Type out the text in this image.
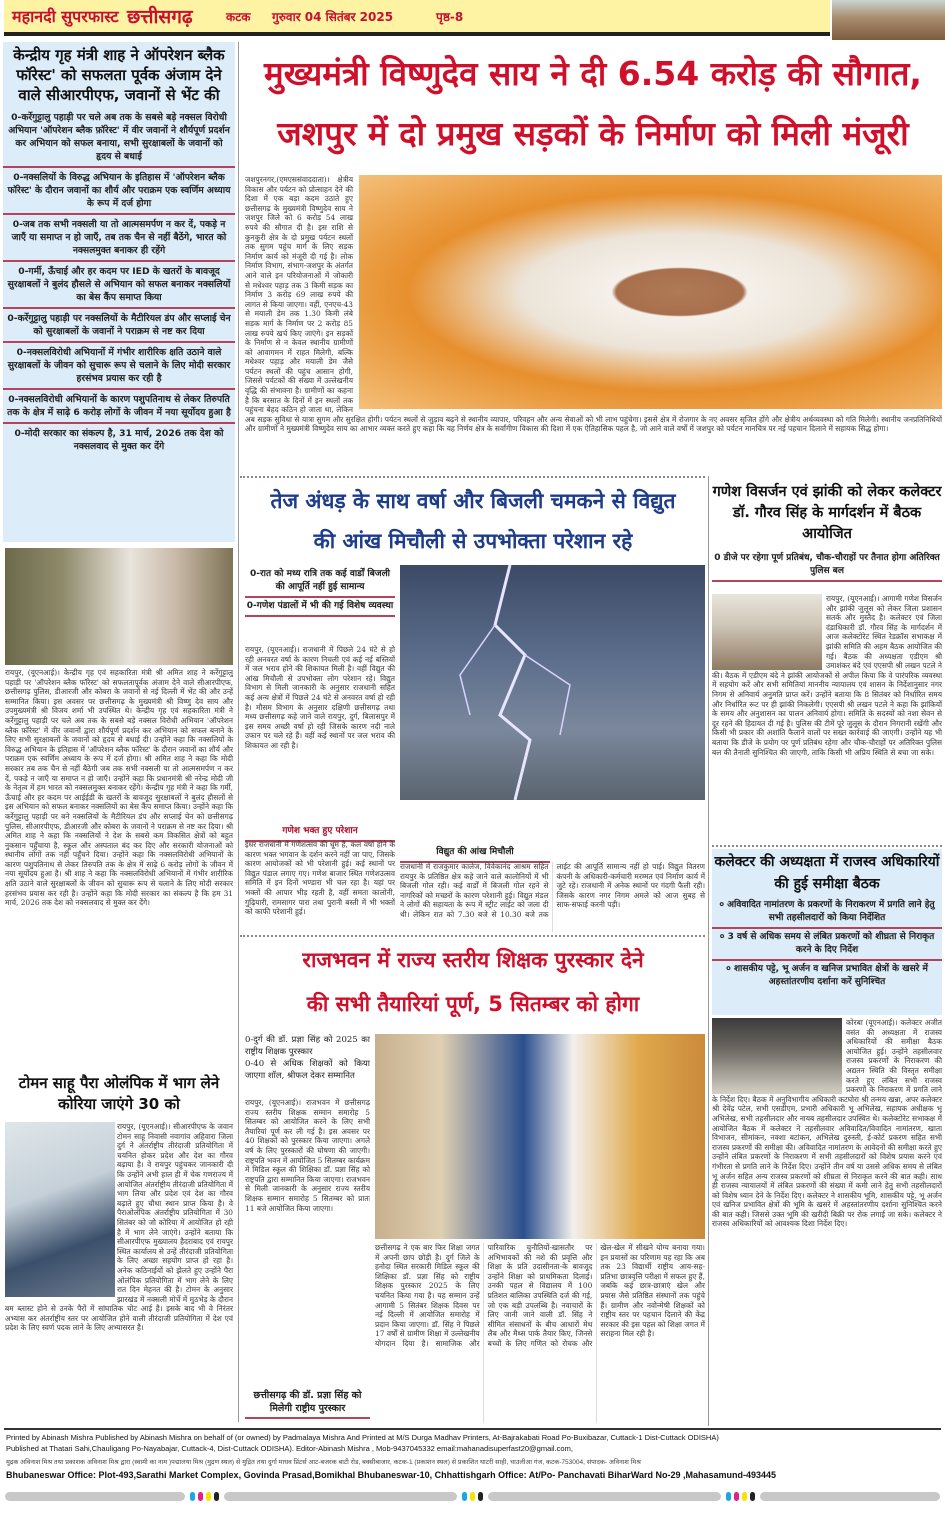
महानदी सुपरफास्ट छत्तीसगढ़	कटक गुरुवार 04 सितंबर 2025	पृष्ठ-8
केन्द्रीय गृह मंत्री शाह ने ऑपरेशन ब्लैक फॉरेस्ट' को सफलता पूर्वक अंजाम देने वाले सीआरपीएफ, जवानों से भेंट की
0-कर्रेगुट्टालु पहाड़ी पर चले अब तक के सबसे बड़े नक्सल विरोधी अभियान 'ऑपरेशन ब्लैक फ़ॉरेस्ट' में वीर जवानों ने शौर्यपूर्ण प्रदर्शन कर अभियान को सफल बनाया, सभी सुरक्षाबलों के जवानों को हृदय से बधाई
0-नक्सलियों के विरुद्ध अभियान के इतिहास में 'ऑपरेशन ब्लैक फॉरेस्ट' के दौरान जवानों का शौर्य और पराक्रम एक स्वर्णिम अध्याय के रूप में दर्ज होगा
0-जब तक सभी नक्सली या तो आत्मसमर्पण न कर दें, पकड़े न जाएँ या समाप्त न हो जाएँ, तब तक चैन से नहीं बैठेंगे, भारत को नक्सलमुक्त बनाकर ही रहेंगे
0-गर्मी, ऊँचाई और हर कदम पर IED के खतरों के बावजूद सुरक्षाबलों ने बुलंद हौसले से अभियान को सफल बनाकर नक्सलियों का बेस कैंप समाप्त किया
0-कर्रेगुट्टालु पहाड़ी पर नक्सलियों के मैटीरियल डंप और सप्लाई चेन को सुरक्षाबलों के जवानों ने पराक्रम से नष्ट कर दिया
0-नक्सलविरोधी अभियानों में गंभीर शारीरिक क्षति उठाने वाले सुरक्षाबलों के जीवन को सुचारू रूप से चलाने के लिए मोदी सरकार हरसंभव प्रयास कर रही है
0-नक्सलविरोधी अभियानों के कारण पशुपतिनाथ से लेकर तिरुपति तक के क्षेत्र में साढ़े 6 करोड़ लोगों के जीवन में नया सूर्योदय हुआ है
0-मोदी सरकार का संकल्प है, 31 मार्च, 2026 तक देश को नक्सलवाद से मुक्त कर देंगे
रायपुर, (यूएनआई)। केन्द्रीय गृह एवं सहकारिता मंत्री श्री अमित शाह ने कर्रेगुट्टालु पहाड़ी पर 'ऑपरेशन ब्लैक फॉरेस्ट' को सफलतापूर्वक अंजाम देने वाले सीआरपीएफ, छत्तीसगढ़ पुलिस, डीआरजी और कोबरा के जवानों से नई दिल्ली में भेंट की और उन्हें सम्मानित किया। इस अवसर पर छत्तीसगढ़ के मुख्यमंत्री श्री विष्णु देव साय और उपमुख्यमंत्री श्री विजय शर्मा भी उपस्थित थे। केन्द्रीय गृह एवं सहकारिता मंत्री ने कर्रेगुट्टालु पहाड़ी पर चले अब तक के सबसे बड़े नक्सल विरोधी अभियान 'ऑपरेशन ब्लैक फ़ॉरेस्ट' में वीर जवानों द्वारा शौर्यपूर्ण प्रदर्शन कर अभियान को सफल बनाने के लिए सभी सुरक्षाबलों के जवानों को हृदय से बधाई दी। उन्होंने कहा कि नक्सलियों के विरुद्ध अभियान के इतिहास में 'ऑपरेशन ब्लैक फॉरेस्ट' के दौरान जवानों का शौर्य और पराक्रम एक स्वर्णिम अध्याय के रूप में दर्ज होगा। श्री अमित शाह ने कहा कि मोदी सरकार तब तक चैन से नहीं बैठेगी जब तक सभी नक्सली या तो आत्मसमर्पण न कर दें, पकड़े न जाएँ या समाप्त न हो जाएँ। उन्होंने कहा कि प्रधानमंत्री श्री नरेन्द्र मोदी जी के नेतृत्व में हम भारत को नक्सलमुक्त बनाकर रहेंगे। केन्द्रीय गृह मंत्री ने कहा कि गर्मी, ऊँचाई और हर कदम पर आईईडी के खतरों के बावजूद सुरक्षाबलों ने बुलंद हौसलों से इस अभियान को सफल बनाकर नक्सलियों का बेस कैंप समाप्त किया। उन्होंने कहा कि कर्रेगुट्टालु पहाड़ी पर बने नक्सलियों के मैटीरियल डंप और सप्लाई चेन को छत्तीसगढ़ पुलिस, सीआरपीएफ, डीआरजी और कोबरा के जवानों ने पराक्रम से नष्ट कर दिया। श्री अमित शाह ने कहा कि नक्सलियों ने देश के सबसे कम विकसित क्षेत्रों को बहुत नुकसान पहुँचाया है, स्कूल और अस्पताल बंद कर दिए और सरकारी योजनाओं को स्थानीय लोगों तक नहीं पहुँचने दिया। उन्होंने कहा कि नक्सलविरोधी अभियानों के कारण पशुपतिनाथ से लेकर तिरुपति तक के क्षेत्र में साढ़े 6 करोड़ लोगों के जीवन में नया सूर्योदय हुआ है। श्री शाह ने कहा कि नक्सलविरोधी अभियानों में गंभीर शारीरिक क्षति उठाने वाले सुरक्षाबलों के जीवन को सुचारू रूप से चलाने के लिए मोदी सरकार हरसंभव प्रयास कर रही है। उन्होंने कहा कि मोदी सरकार का संकल्प है कि हम 31 मार्च, 2026 तक देश को नक्सलवाद से मुक्त कर देंगे।
टोमन साहू पैरा ओलंपिक में भाग लेने कोरिया जाएंगे 30 को
रायपुर, (यूएनआई)। सीआरपीएफ के जवान टोमन साहू निवासी नवागांव अहिवारा जिला दुर्ग ने अंतर्राष्ट्रीय तीरंदाजी प्रतियोगिता में चयनित होकर प्रदेश और देश का गौरव बढ़ाया है। वे रायपुर पहुंचकर जानकारी दी कि उन्होंने अभी हाल ही में चेक गणराज्य में आयोजित अंतर्राष्ट्रीय तीरंदाजी प्रतियोगिता में भाग लिया और प्रदेश एवं देश का गौरव बढ़ाते हुए चौथा स्थान प्राप्त किया है। वे पैराओलंपिक अंतर्राष्ट्रीय प्रतियोगिता में 30 सितंबर को जो कोरिया में आयोजित हो रही है में भाग लेने जाएंगे। उन्होंने बताया कि सीआरपीएफ मुख्यालय हैदराबाद एवं रायपुर स्थित कार्यालय से उन्हें तीरंदाजी प्रतियोगिता के लिए अच्छा सहयोग प्राप्त हो रहा है। अनेक कठिनाईयों को झेलते हुए उन्होंने पैरा ओलंपिक प्रतियोगिता में भाग लेने के लिए रात दिन मेहनत की है। टोमन के अनुसार झारखंड में नक्सली मोर्चे में मुठभेड़ के दौरान बम ब्लास्ट होने से उनके पैरों में सांघातिक चोट आई है। इसके बाद भी वे निरंतर अभ्यास कर अंतर्राष्ट्रीय स्तर पर आयोजित होने वाली तीरंदाजी प्रतियोगिता में देश एवं प्रदेश के लिए स्वर्ण पदक लाने के लिए अभ्यासरत है।
मुख्यमंत्री विष्णुदेव साय ने दी 6.54 करोड़ की सौगात,
जशपुर में दो प्रमुख सड़कों के निर्माण को मिली मंजूरी
जशपुरनगर,(एमएससंवाददाता)। क्षेत्रीय विकास और पर्यटन को प्रोत्साहन देने की दिशा में एक बड़ा कदम उठाते हुए छत्तीसगढ़ के मुख्यमंत्री विष्णुदेव साय ने जशपुर जिले को 6 करोड़ 54 लाख रुपये की सौगात दी है। इस राशि से कुनकुरी क्षेत्र के दो प्रमुख पर्यटन स्थलों तक सुगम पहुंच मार्ग के लिए सड़क निर्माण कार्य को मंजूरी दी गई है। लोक निर्माण विभाग, संभाग-जशपुर के अंतर्गत आने वाले इन परियोजनाओं में जोकारी से मधेश्वर पहाड़ तक 3 किमी सड़क का निर्माण 3 करोड़ 69 लाख रुपये की लागत से किया जाएगा। वहीं, एनएच-43 से मयाली डेम तक 1.30 किमी लंबे सड़क मार्ग के निर्माण पर 2 करोड़ 85 लाख रुपये खर्च किए जाएंगे। इन सड़कों के निर्माण से न केवल स्थानीय ग्रामीणों को आवागमन में राहत मिलेगी, बल्कि मधेश्वर पहाड़ और मयाली डेम जैसे पर्यटन स्थलों की पहुंच आसान होगी, जिससे पर्यटकों की संख्या में उल्लेखनीय वृद्धि की संभावना है। ग्रामीणों का कहना है कि बरसात के दिनों में इन स्थलों तक पहुंचना बेहद कठिन हो जाता था, लेकिन अब सड़क सुविधा से यात्रा सुगम और सुरक्षित होगी। पर्यटन स्थलों से जुड़ाव बढ़ने से स्थानीय व्यापार, परिवहन और अन्य सेवाओं को भी लाभ पहुंचेगा। इससे क्षेत्र में रोजगार के नए अवसर सृजित होंगे और क्षेत्रीय अर्थव्यवस्था को गति मिलेगी। स्थानीय जनप्रतिनिधियों और ग्रामीणों ने मुख्यमंत्री विष्णुदेव साय का आभार व्यक्त करते हुए कहा कि यह निर्णय क्षेत्र के सर्वांगीण विकास की दिशा में एक ऐतिहासिक पहल है, जो आने वाले वर्षों में जशपुर को पर्यटन मानचित्र पर नई पहचान दिलाने में सहायक सिद्ध होगा।
तेज अंधड़ के साथ वर्षा और बिजली चमकने से विद्युत
की आंख मिचौली से उपभोक्ता परेशान रहे
0-रात को मध्य रात्रि तक कई वार्डों बिजली की आपूर्ति नहीं हुई सामान्य
0-गणेश पंडालों में भी की गई विशेष व्यवस्था
रायपुर, (यूएनआई)। राजधानी में पिछले 24 घंटे से हो रही अनवरत वर्षा के कारण निचली एवं कई नई बस्तियों में जल भराव होने की शिकायत मिली है। वहीं विद्युत की आंख मिचौली से उपभोक्ता लोग परेशान रहे। विद्युत विभाग से मिली जानकारी के अनुसार राजधानी सहित कई अन्य क्षेत्रों में पिछले 24 घंटे से अनवरत वर्षा हो रही है। मौसम विभाग के अनुसार दक्षिणी छत्तीसगढ़ तथा मध्य छत्तीसगढ़ कहे जाने वाले रायपुर, दुर्ग, बिलासपुर में इस समय अच्छी वर्षा हो रही जिसके कारण नदी नाले उफान पर चले रहे हैं। वहीं कई स्थानों पर जल भराव की शिकायत आ रही है।
गणेश भक्त हुए परेशान
इधर राजधानी में गणेशत्सव की धूम है, कल वर्षा होने के कारण भक्त भगवान के दर्शन करने नहीं जा पाए, जिसके कारण आयोजकों को भी परेशानी हुई। कई स्थानों पर विद्युत पंडाल लगाए गए। गणेश बाजार स्थित गणेशउत्सव समिति में इन दिनों भण्डारा भी चल रहा है। यहां पर भक्तों की आपार भीड़ रहती है, वहीं समता कालोनी, गुढ़ियारी, रामसागर पारा तथा पुरानी बस्ती में भी भक्तों को काफी परेशानी हुई।
विद्युत की आंख मिचौली
राजधानी में राजकुमार कालेज, विवेकानंद आश्रम सहित रायपुर के प्रतिष्ठित क्षेत्र कहे जाने वाले कालोनियों में भी बिजली गोल रही। कई वार्डों में बिजली गोल रहने से नागरिकों को मच्छरों के कारण परेशानी हुई। विद्युत मंडल ने लोगों की सहायता के रूप में स्ट्रीट लाईट को जला दी थी। लेकिन रात को 7.30 बजे से 10.30 बजे तक लाईट की आपूर्ति सामान्य नहीं हो पाई। विद्युत वितरण कंपनी के अधिकारी-कर्मचारी मरम्मत एवं निर्माण कार्य में जुटे रहे। राजधानी में अनेक स्थानों पर गंदगी फैली रही। जिसके कारण नगर निगम अमले को आज सुबह से साफ-सफाई करनी पड़ी।
गणेश विसर्जन एवं झांकी को लेकर कलेक्टर डॉ. गौरव सिंह के मार्गदर्शन में बैठक आयोजित
0 डीजे पर रहेगा पूर्ण प्रतिबंध, चौक-चौराहों पर तैनात होगा अतिरिक्त पुलिस बल
रायपुर, (यूएनआई)। आगामी गणेश विसर्जन और झांकी जुलूस को लेकर जिला प्रशासन सतर्क और मुस्तैद है। कलेक्टर एवं जिला दंडाधिकारी डॉ. गौरव सिंह के मार्गदर्शन में आज कलेक्टोरेट स्थित रेडक्रॉस सभाकक्ष में झांकी समिति की अहम बैठक आयोजित की गई। बैठक की अध्यक्षता एडीएम श्री उमाशंकर बंदे एवं एएसपी श्री लखन पटले ने की। बैठक में एडीएम बंदे ने झांकी आयोजकों से अपील किया कि वे पारंपरिक व्यवस्था में सहयोग करें और सभी समितियां माननीय न्यायालय एवं शासन के निर्देशानुसार नगर निगम से अनिवार्य अनुमति प्राप्त करें। उन्होंने बताया कि 8 सितंबर को निर्धारित समय और निर्धारित रूट पर ही झांकी निकलेगी। एएसपी श्री लखन पटले ने कहा कि झांकियों के समय और अनुशासन का पालन अनिवार्य होगा। समिति के सदस्यों को नशा सेवन से दूर रहने की हिदायत दी गई है। पुलिस की टीमें पूरे जुलूस के दौरान निगरानी रखेंगी और किसी भी प्रकार की अशांति फैलाने वालों पर सख्त कार्रवाई की जाएगी। उन्होंने यह भी बताया कि डीजे के प्रयोग पर पूर्ण प्रतिबंध रहेगा और चौक-चौराहों पर अतिरिक्त पुलिस बल की तैनाती सुनिश्चित की जाएगी, ताकि किसी भी अप्रिय स्थिति से बचा जा सके।
कलेक्टर की अध्यक्षता में राजस्व अधिकारियों की हुई समीक्षा बैठक
० अविवादित नामांतरण के प्रकरणों के निराकरण में प्रगति लाने हेतु सभी तहसीलदारों को किया निर्देशित
० 3 वर्ष से अधिक समय से लंबित प्रकरणों को शीघ्रता से निराकृत करने के दिए निर्देश
० शासकीय पट्टे, भू अर्जन व खनिज प्रभावित क्षेत्रों के खसरे में अहस्तांतरणीय दर्शाना करें सुनिश्चित
कोरबा (यूएनआई)। कलेक्टर अजीत वसंत की अध्यक्षता में राजस्व अधिकारियों की समीक्षा बैठक आयोजित हुई। उन्होंने तहसीलवार राजस्व प्रकरणों के निराकरण की अद्यतन स्थिति की विस्तृत समीक्षा करते हुए लंबित सभी राजस्व प्रकरणों के निराकरण में प्रगति लाने के निर्देश दिए। बैठक में अनुविभागीय अधिकारी कटघोरा श्री तन्मय खन्ना, अपर कलेक्टर श्री देवेंद्र पटेल, सभी एसडीएम, प्रभारी अधिकारी भू अभिलेख, सहायक अधीक्षक भू अभिलेख, सभी तहसीलदार और नायब तहसीलदार उपस्थित थे। कलेक्टोरेट सभाकक्ष में आयोजित बैठक में कलेक्टर ने तहसीलवार अविवादित/विवादित नामांतरण, खाता विभाजन, सीमांकन, नक्शा बटांकन, अभिलेख दुरुस्ती, ई-कोर्ट प्रकरण सहित सभी राजस्व प्रकरणों की समीक्षा की। अविवादित नामांतरण के आवेदनों की समीक्षा करते हुए उन्होंने लंबित प्रकरणों के निराकरण में सभी तहसीलदारों को विशेष प्रयास करने एवं गंभीरता से प्रगति लाने के निर्देश दिए। उन्होंने तीन वर्ष या उससे अधिक समय से लंबित भू अर्जन सहित अन्य राजस्व प्रकरणों को शीघ्रता से निराकृत करने की बात कही। साथ ही राजस्व न्यायालयों में लंबित प्रकरणों की संख्या में कमी लाने हेतु सभी तहसीलदारों को विशेष ध्यान देने के निर्देश दिए। कलेक्टर ने शासकीय भूमि, शासकीय पट्टे, भू अर्जन एवं खनिज प्रभावित क्षेत्रों की भूमि के खसरे में अहस्तांतरणीय दर्शाना सुनिश्चित करने की बात कही। जिससे उक्त भूमि की खरीदी बिक्री पर रोक लगाई जा सके। कलेक्टर ने राजस्व अधिकारियों को आवश्यक दिशा निर्देश दिए।
राजभवन में राज्य स्तरीय शिक्षक पुरस्कार देने
की सभी तैयारियां पूर्ण, 5 सितम्बर को होगा
0-दुर्ग की डॉ. प्रज्ञा सिंह को 2025 का राष्ट्रीय शिक्षक पुरस्कार
0-40 से अधिक शिक्षकों को किया जाएगा शॉल, श्रीफल देकर सम्मानित
रायपुर, (यूएनआई)। राजभवन में छत्तीसगढ़ राज्य स्तरीय शिक्षक सम्मान समारोह 5 सितम्बर को आयोजित करने के लिए सभी तैयारियां पूर्ण कर ली गई है। इस अवसर पर 40 शिक्षकों को पुरस्कार किया जाएगा। अगले वर्ष के लिए पुरस्कारों की घोषणा की जाएगी। राष्ट्रपति भवन में आयोजित 5 सितम्बर कार्यक्रम में मिडिल स्कूल की शिक्षिका डॉ. प्रज्ञा सिंह को राष्ट्रपति द्वारा सम्मानित किया जाएगा। राजभवन से मिली जानकारी के अनुसार राज्य स्तरीय शिक्षक सम्मान समारोह 5 सितम्बर को प्रातः 11 बजे आयोजित किया जाएगा।
छत्तीसगढ़ की डॉ. प्रज्ञा सिंह को मिलेगी राष्ट्रीय पुरस्कार
छत्तीसगढ़ ने एक बार फिर शिक्षा जगत में अपनी छाप छोड़ी है। दुर्ग जिले के हनोदा स्थित सरकारी मिडिल स्कूल की शिक्षिका डॉ. प्रज्ञा सिंह को राष्ट्रीय शिक्षक पुरस्कार 2025 के लिए चयनित किया गया है। यह सम्मान उन्हें आगामी 5 सितंबर शिक्षक दिवस पर नई दिल्ली में आयोजित समारोह में प्रदान किया जाएगा। डॉ. सिंह ने पिछले 17 वर्षों से ग्रामीण शिक्षा में उल्लेखनीय योगदान दिया है। सामाजिक और पारिवारिक चुनौतियों-खासतौर पर अभिभावकों की नशे की प्रवृत्ति और शिक्षा के प्रति उदासीनता-के बावजूद उन्होंने शिक्षा को प्राथमिकता दिलाई। उनकी पहल से विद्यालय में 100 प्रतिशत बालिका उपस्थिति दर्ज की गई, जो एक बड़ी उपलब्धि है। नवाचारों के लिए जानी जाने वाली डॉ. सिंह ने सीमित संसाधनों के बीच आधारों मेथ लैब और मैथ्स पार्क तैयार किए, जिनसे बच्चों के लिए गणित को रोचक और खेल-खेल में सीखने योग्य बनाया गया। इन प्रयासों का परिणाम यह रहा कि अब तक 23 विद्यार्थी राष्ट्रीय आय-सह-प्रतिभा छात्रवृत्ति परीक्षा में सफल हुए हैं, जबकि कई छात्र-छात्राएं खेल और प्रयास जैसे प्रतिष्ठित संस्थानों तक पहुंचे हैं। ग्रामीण और नवोन्मेषी शिक्षकों को राष्ट्रीय स्तर पर पहचान दिलाने की केंद्र सरकार की इस पहल को शिक्षा जगत में सराहना मिल रही है।
Printed by Abinash Mishra Published by Abinash Mishra on behalf of (or owned) by Padmalaya Mishra And Printed at M/S Durga Madhav Printers, At-Bajrakabati Road Po-Buxibazar, Cuttack-1 Dist-Cuttack ODISHA)
Published at Thatari Sahi,Chauligang Po-Nayabajar, Cuttack-4, Dist-Cuttack ODISHA). Editor-Abinash Mishra , Mob-9437045332 email:mahanadisuperfast20@gmail.com,
मुद्रक अविनाश मिश्र तथा प्रकाशक अविनाश मिश्र द्वारा (स्वामी का नाम )पद्मालया मिश्र (मुद्रण स्थल) से मुद्रित तथा दुर्गा माधव प्रिंटर्स आट-बजरक बाटी रोड, बक्सीबाजार, कटक-1 (प्रकाशन स्थल) से प्रकाशित थाटरी साही, चाउलीआ गंज, कटक-753004, संपादक- अविनाश मिश्र
Bhubaneswar Office: Plot-493,Sarathi Market Complex, Govinda Prasad,Bomikhal Bhubaneswar-10, Chhattishgarh Office: At/Po- Panchavati BiharWard No-29 ,Mahasamund-493445
